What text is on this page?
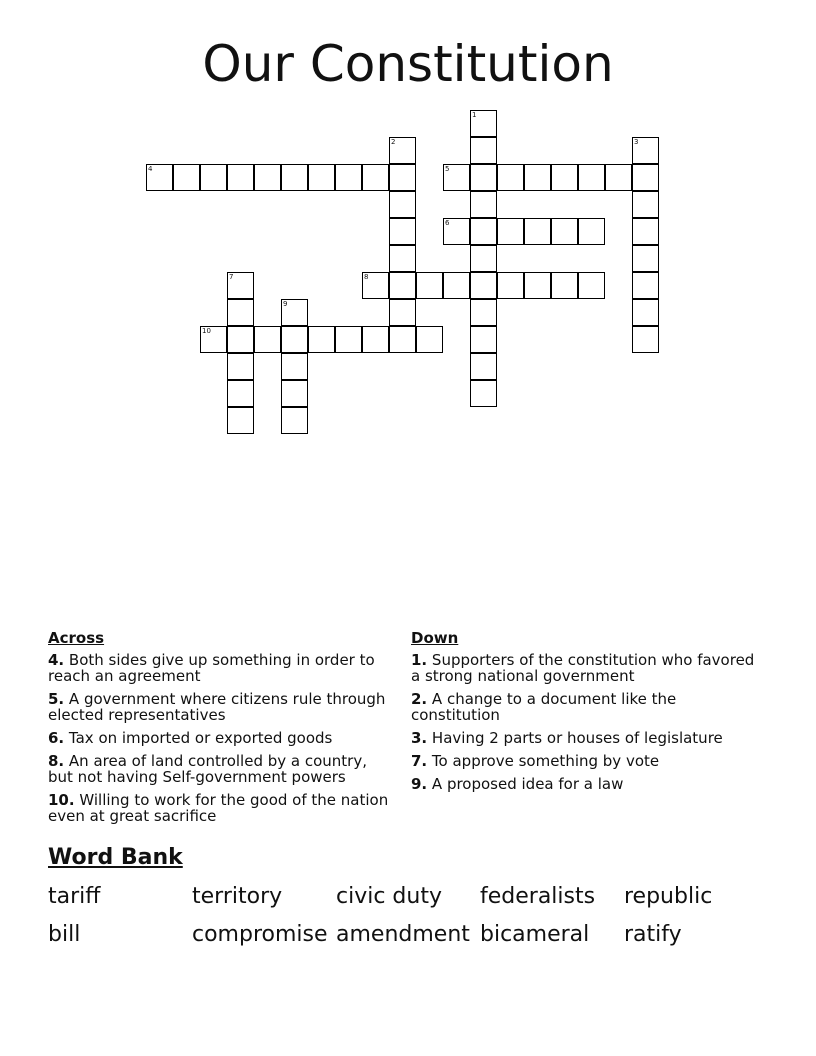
Our Constitution
4	5
6
8
10
1
2	3
7
9
Across
4. Both sides give up something in order to reach an agreement
5. A government where citizens rule through elected representatives
6. Tax on imported or exported goods
8. An area of land controlled by a country, but not having Self-government powers
10. Willing to work for the good of the nation even at great sacrifice
Down
1. Supporters of the constitution who favored a strong national government
2. A change to a document like the constitution
3. Having 2 parts or houses of legislature
7. To approve something by vote
9. A proposed idea for a law
Word Bank
tariff	territory civic duty federalists republic
bill	compromise amendment bicameral ratify
